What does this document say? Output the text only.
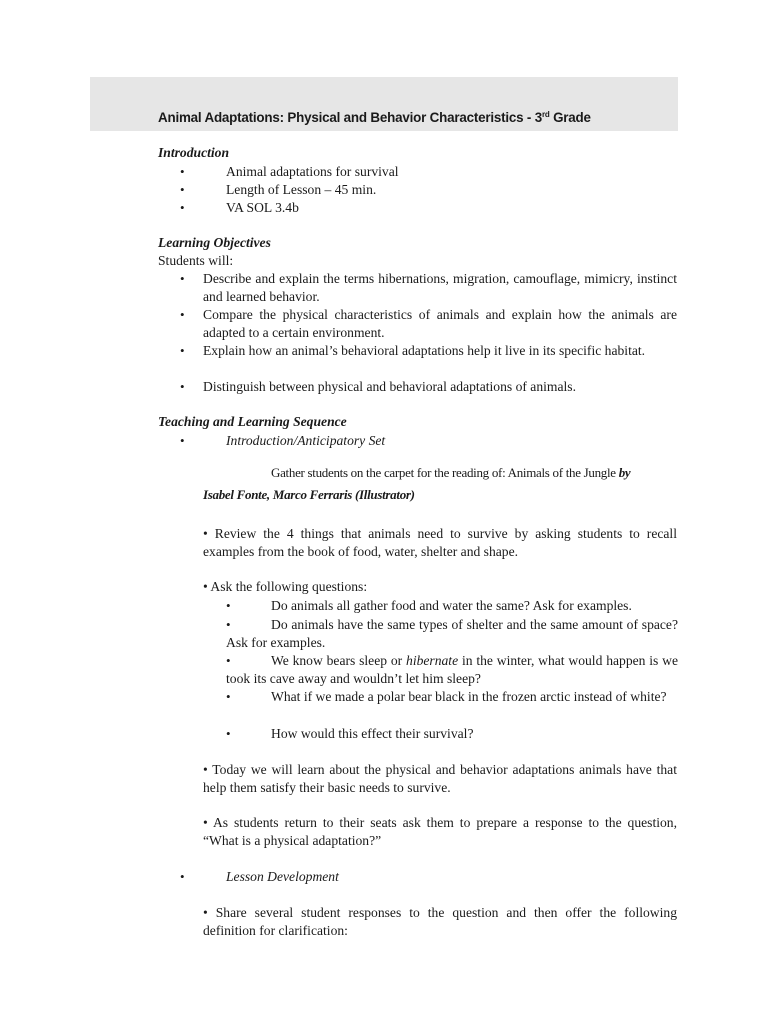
Animal Adaptations: Physical and Behavior Characteristics - 3rd Grade

Introduction

•	Animal adaptations for survival

•	Length of Lesson – 45 min.

•	VA SOL 3.4b

Learning Objectives

Students will:

• Describe and explain the terms hibernations, migration, camouflage, mimicry, instinct and learned behavior.

• Compare the physical characteristics of animals and explain how the animals are adapted to a certain environment.

• Explain how an animal’s behavioral adaptations help it live in its specific habitat.

• Distinguish between physical and behavioral adaptations of animals.

Teaching and Learning Sequence

•	Introduction/Anticipatory Set

Gather students on the carpet for the reading of: Animals of the Jungle by

Isabel Fonte, Marco Ferraris (Illustrator)

• Review the 4 things that animals need to survive by asking students to recall examples from the book of food, water, shelter and shape.

• Ask the following questions:

•	Do animals all gather food and water the same? Ask for examples.

•	Do animals have the same types of shelter and the same amount of space? Ask for examples.

•	We know bears sleep or hibernate in the winter, what would happen is we took its cave away and wouldn’t let him sleep?

•	What if we made a polar bear black in the frozen arctic instead of white?

•	How would this effect their survival?

• Today we will learn about the physical and behavior adaptations animals have that help them satisfy their basic needs to survive.

• As students return to their seats ask them to prepare a response to the question, “What is a physical adaptation?”

•	Lesson Development

• Share several student responses to the question and then offer the following definition for clarification:
